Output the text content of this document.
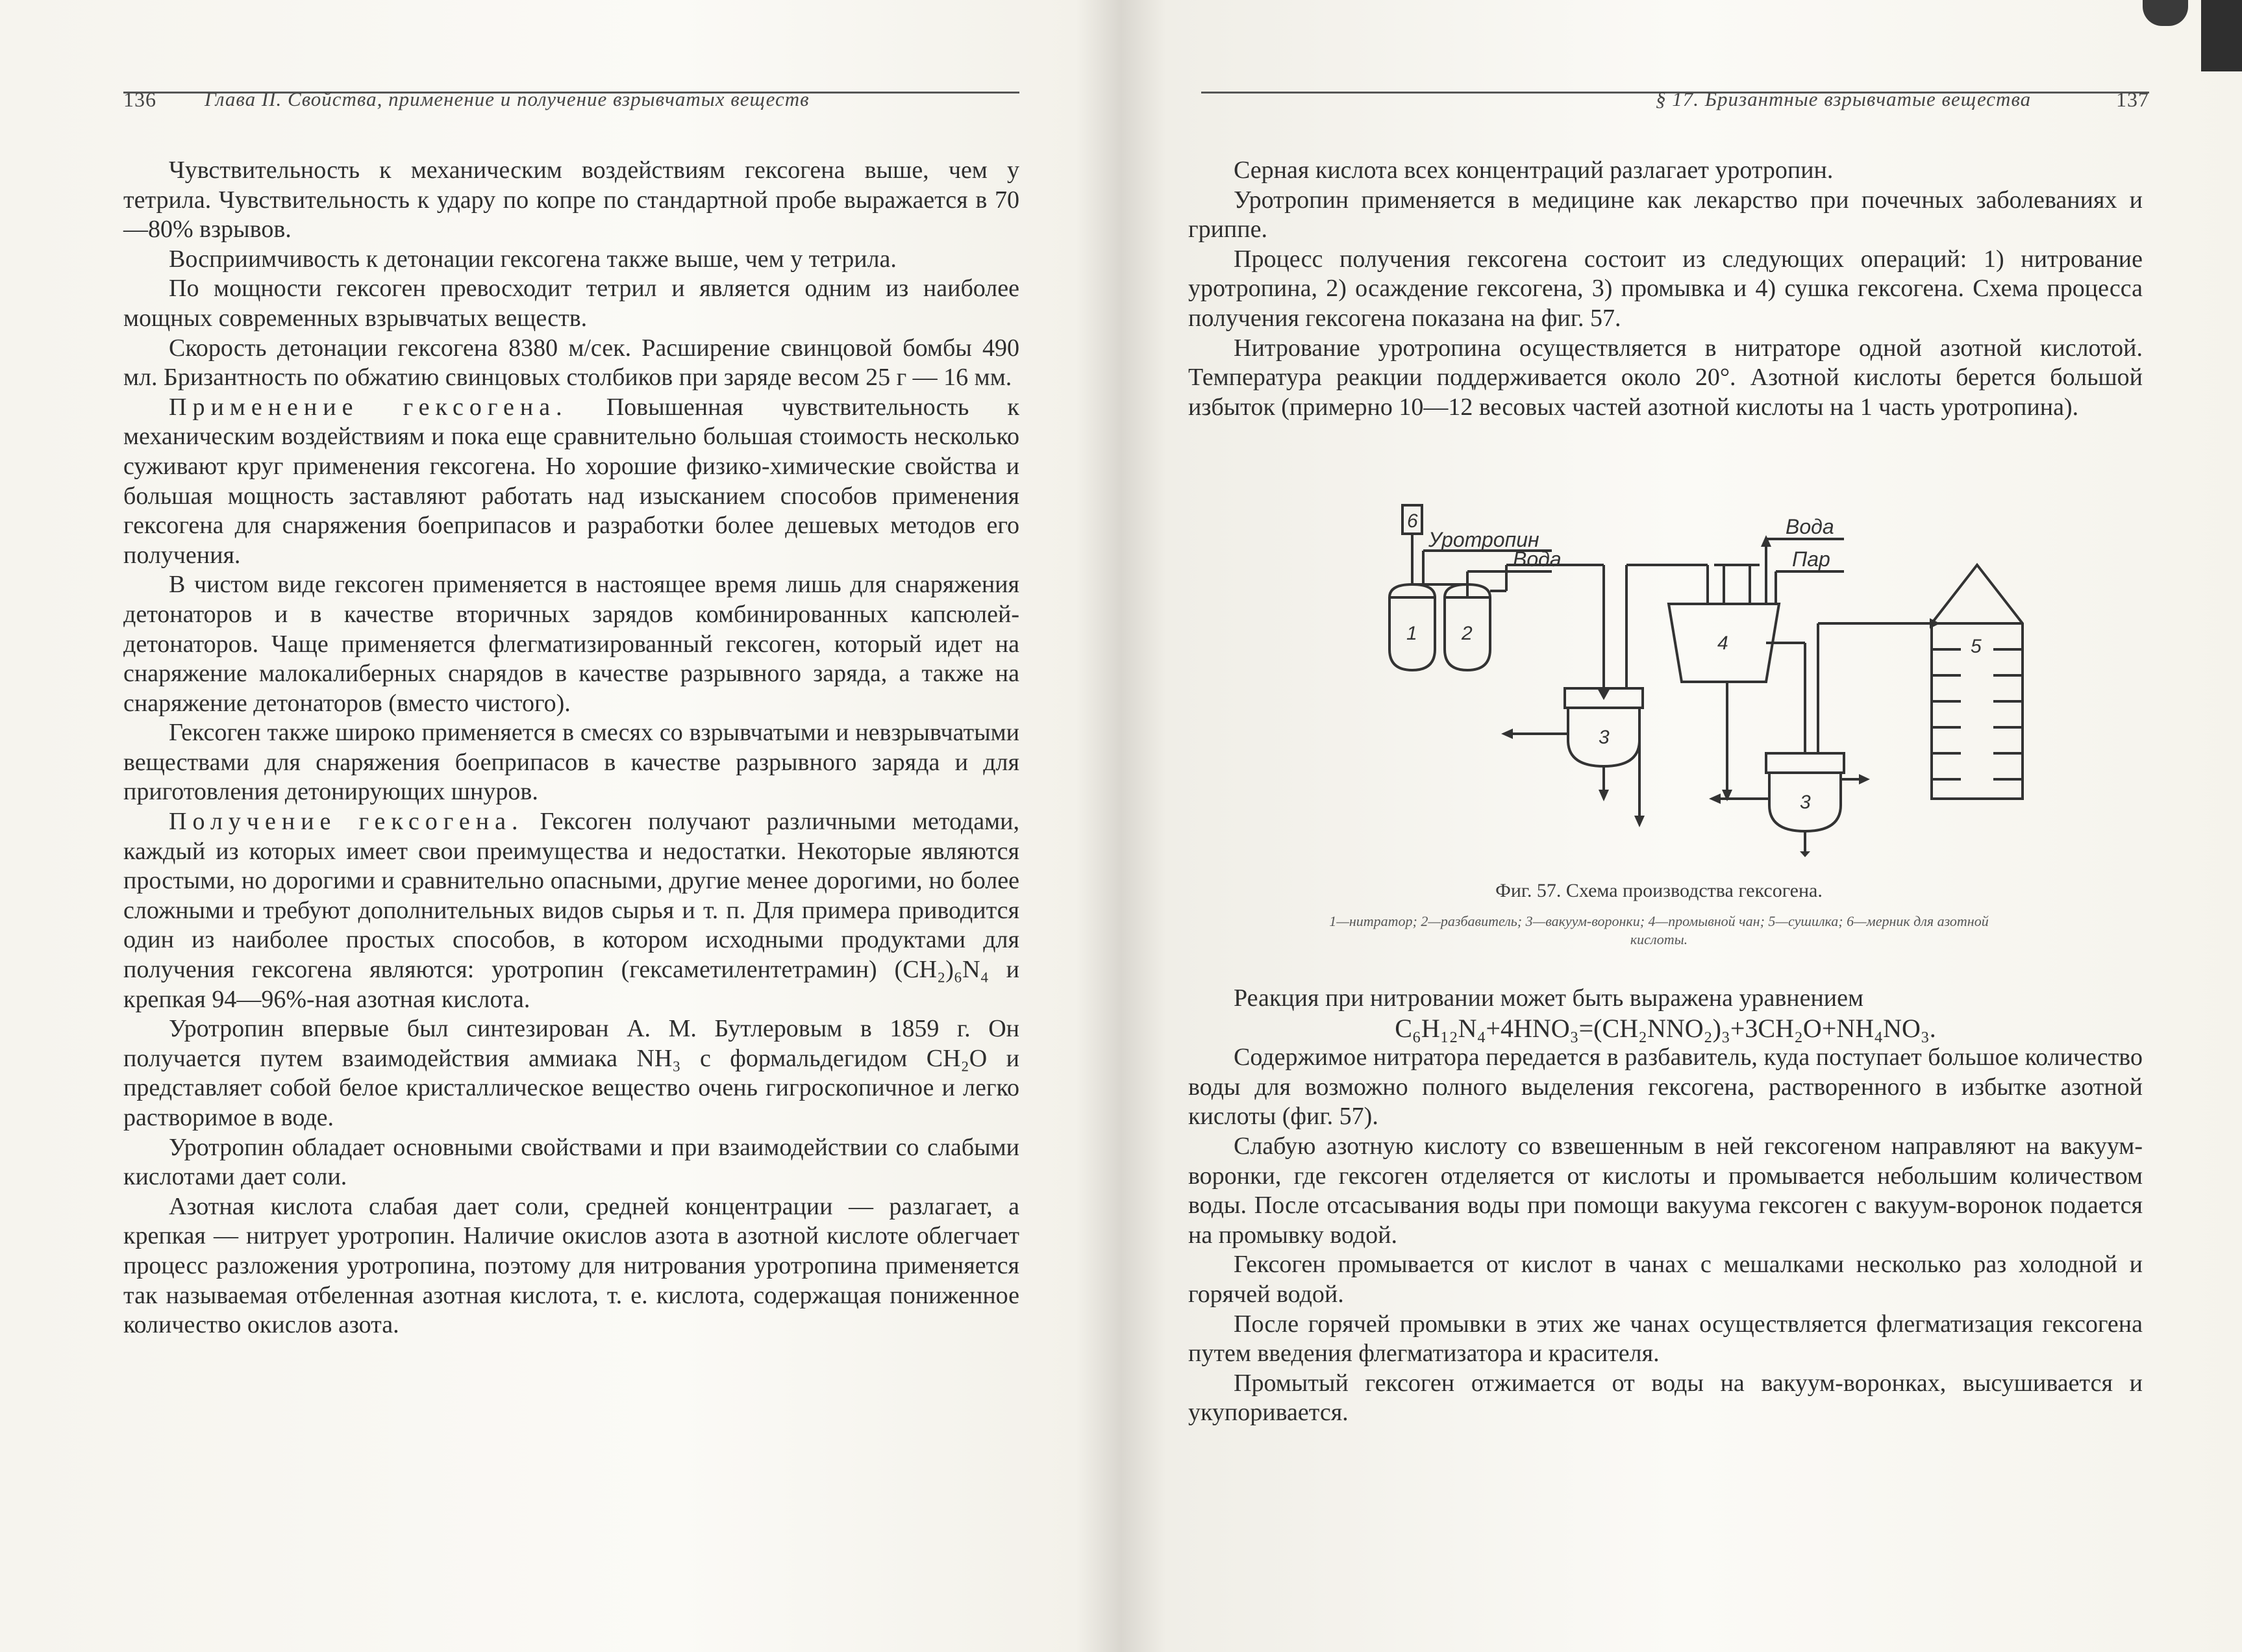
136 Глава II. Свойства, применение и получение взрывчатых веществ

Чувствительность к механическим воздействиям гексогена выше, чем у тетрила. Чувствительность к удару по копре по стандартной пробе выражается в 70—80% взрывов.

Восприимчивость к детонации гексогена также выше, чем у тетрила.

По мощности гексоген превосходит тетрил и является одним из наиболее мощных современных взрывчатых веществ.

Скорость детонации гексогена 8380 м/сек. Расширение свинцовой бомбы 490 мл. Бризантность по обжатию свинцовых столбиков при заряде весом 25 г — 16 мм.

Применение гексогена. Повышенная чувствительность к механическим воздействиям и пока еще сравнительно большая стоимость несколько суживают круг применения гексогена. Но хорошие физико-химические свойства и большая мощность заставляют работать над изысканием способов применения гексогена для снаряжения боеприпасов и разработки более дешевых методов его получения.

В чистом виде гексоген применяется в настоящее время лишь для снаряжения детонаторов и в качестве вторичных зарядов комбинированных капсюлей-детонаторов. Чаще применяется флегматизированный гексоген, который идет на снаряжение малокалиберных снарядов в качестве разрывного заряда, а также на снаряжение детонаторов (вместо чистого).

Гексоген также широко применяется в смесях со взрывчатыми и невзрывчатыми веществами для снаряжения боеприпасов в качестве разрывного заряда и для приготовления детонирующих шнуров.

Получение гексогена. Гексоген получают различными методами, каждый из которых имеет свои преимущества и недостатки. Некоторые являются простыми, но дорогими и сравнительно опасными, другие менее дорогими, но более сложными и требуют дополнительных видов сырья и т. п. Для примера приводится один из наиболее простых способов, в котором исходными продуктами для получения гексогена являются: уротропин (гексаметилентетрамин) (CH₂)₆N₄ и крепкая 94—96%-ная азотная кислота.

Уротропин впервые был синтезирован А. М. Бутлеровым в 1859 г. Он получается путем взаимодействия аммиака NH₃ с формальдегидом CH₂O и представляет собой белое кристаллическое вещество очень гигроскопичное и легко растворимое в воде.

Уротропин обладает основными свойствами и при взаимодействии со слабыми кислотами дает соли.

Азотная кислота слабая дает соли, средней концентрации — разлагает, а крепкая — нитрует уротропин. Наличие окислов азота в азотной кислоте облегчает процесс разложения уротропина, поэтому для нитрования уротропина применяется так называемая отбеленная азотная кислота, т. е. кислота, содержащая пониженное количество окислов азота.

§ 17. Бризантные взрывчатые вещества	137

Серная кислота всех концентраций разлагает уротропин.

Уротропин применяется в медицине как лекарство при почечных заболеваниях и гриппе.

Процесс получения гексогена состоит из следующих операций: 1) нитрование уротропина, 2) осаждение гексогена, 3) промывка и 4) сушка гексогена. Схема процесса получения гексогена показана на фиг. 57.

Нитрование уротропина осуществляется в нитраторе одной азотной кислотой. Температура реакции поддерживается около 20°. Азотной кислоты берется большой избыток (примерно 10—12 весовых частей азотной кислоты на 1 часть уротропина).

Уротропин
Вода
Вода
Пар
6
1 2
3
4
3
5
Фиг. 57. Схема производства гексогена.
1—нитратор; 2—разбавитель; 3—вакуум-воронки; 4—промывной чан; 5—сушилка; 6—мерник для азотной кислоты.

Реакция при нитровании может быть выражена уравнением

C₆H₁₂N₄+4HNO₃=(CH₂NNO₂)₃+3CH₂O+NH₄NO₃.

Содержимое нитратора передается в разбавитель, куда поступает большое количество воды для возможно полного выделения гексогена, растворенного в избытке азотной кислоты (фиг. 57).

Слабую азотную кислоту со взвешенным в ней гексогеном направляют на вакуум-воронки, где гексоген отделяется от кислоты и промывается небольшим количеством воды. После отсасывания воды при помощи вакуума гексоген с вакуум-воронок подается на промывку водой.

Гексоген промывается от кислот в чанах с мешалками несколько раз холодной и горячей водой.

После горячей промывки в этих же чанах осуществляется флегматизация гексогена путем введения флегматизатора и красителя.

Промытый гексоген отжимается от воды на вакуум-воронках, высушивается и укупоривается.
